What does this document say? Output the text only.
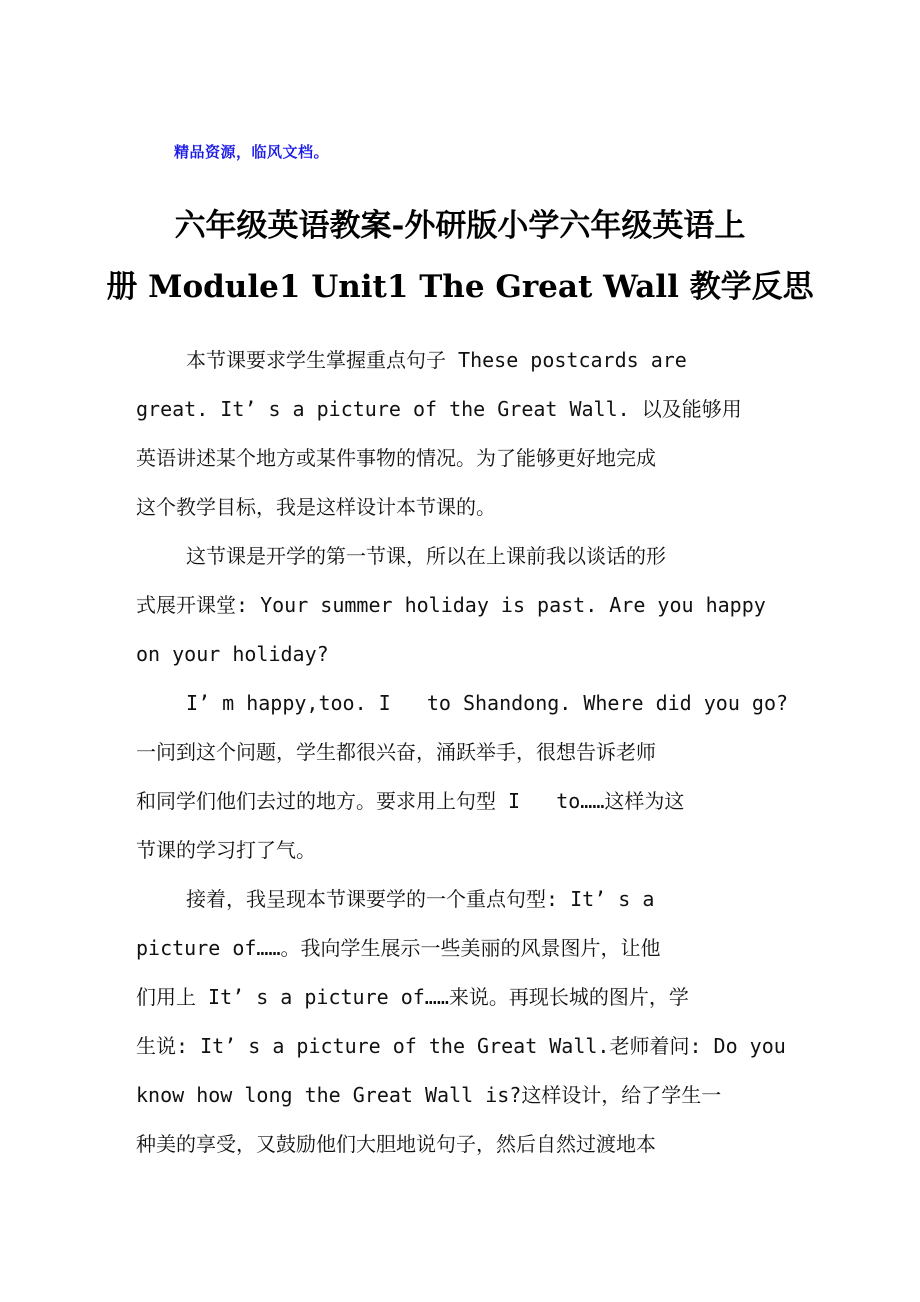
精品资源，临风文档。
六年级英语教案-外研版小学六年级英语上
册 Module1 Unit1 The Great Wall 教学反思
本节课要求学生掌握重点句子 These postcards are
great. It’ s a picture of the Great Wall. 以及能够用
英语讲述某个地方或某件事物的情况。为了能够更好地完成
这个教学目标，我是这样设计本节课的。
这节课是开学的第一节课，所以在上课前我以谈话的形
式展开课堂: Your summer holiday is past. Are you happy
on your holiday?
I’ m happy,too. I   to Shandong. Where did you go?
一问到这个问题，学生都很兴奋，涌跃举手，很想告诉老师
和同学们他们去过的地方。要求用上句型 I   to……这样为这
节课的学习打了气。
接着，我呈现本节课要学的一个重点句型: It’ s a
picture of……。我向学生展示一些美丽的风景图片，让他
们用上 It’ s a picture of……来说。再现长城的图片，学
生说: It’ s a picture of the Great Wall.老师着问: Do you
know how long the Great Wall is?这样设计，给了学生一
种美的享受，又鼓励他们大胆地说句子，然后自然过渡地本
